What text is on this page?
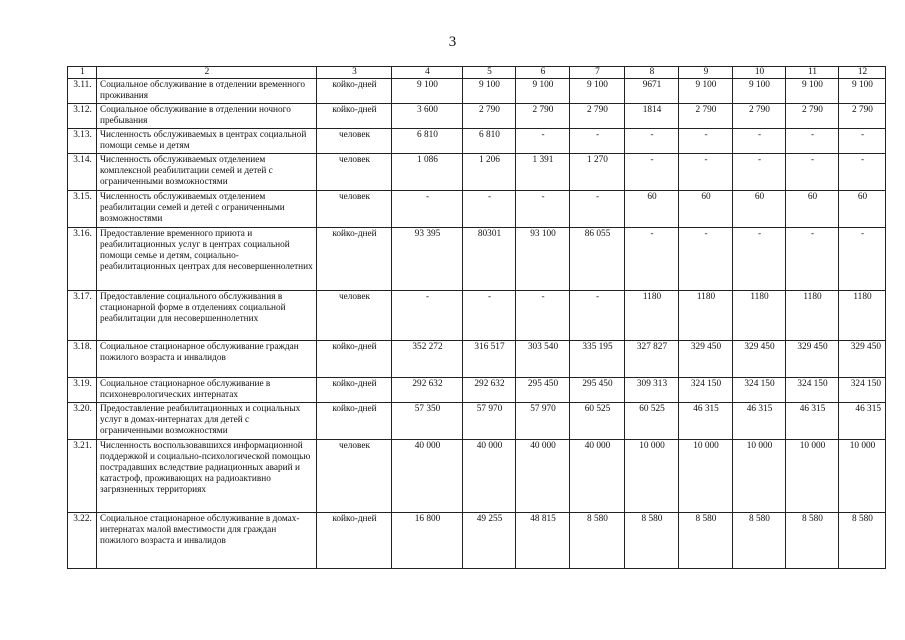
3
1	2	3	4	5	6	7	8	9	10	11	12
3.11.	Социальное обслуживание в отделении временного проживания	койко-дней	9 100	9 100	9 100	9 100	9671	9 100	9 100	9 100	9 100
3.12.	Социальное обслуживание в отделении ночного пребывания	койко-дней	3 600	2 790	2 790	2 790	1814	2 790	2 790	2 790	2 790
3.13.	Численность обслуживаемых в центрах социальной помощи семье и детям	человек	6 810	6 810	-	-	-	-	-	-	-
3.14.	Численность обслуживаемых отделением комплексной реабилитации семей и детей с ограниченными возможностями	человек	1 086	1 206	1 391	1 270	-	-	-	-	-
3.15.	Численность обслуживаемых отделением реабилитации семей и детей с ограниченными возможностями	человек	-	-	-	-	60	60	60	60	60
3.16.	Предоставление временного приюта и реабилитационных услуг в центрах социальной помощи семье и детям, социально-реабилитационных центрах для несовершеннолетних	койко-дней	93 395	80301	93 100	86 055	-	-	-	-	-
3.17.	Предоставление социального обслуживания в стационарной форме в отделениях социальной реабилитации для несовершеннолетних	человек	-	-	-	-	1180	1180	1180	1180	1180
3.18.	Социальное стационарное обслуживание граждан пожилого возраста и инвалидов	койко-дней	352 272	316 517	303 540	335 195	327 827	329 450	329 450	329 450	329 450
3.19.	Социальное стационарное обслуживание в психоневрологических интернатах	койко-дней	292 632	292 632	295 450	295 450	309 313	324 150	324 150	324 150	324 150
3.20.	Предоставление реабилитационных и социальных услуг в домах-интернатах для детей с ограниченными возможностями	койко-дней	57 350	57 970	57 970	60 525	60 525	46 315	46 315	46 315	46 315
3.21.	Численность воспользовавшихся информационной поддержкой и социально-психологической помощью пострадавших вследствие радиационных аварий и катастроф, проживающих на радиоактивно загрязненных территориях	человек	40 000	40 000	40 000	40 000	10 000	10 000	10 000	10 000	10 000
3.22.	Социальное стационарное обслуживание в домах-интернатах малой вместимости для граждан пожилого возраста и инвалидов	койко-дней	16 800	49 255	48 815	8 580	8 580	8 580	8 580	8 580	8 580
